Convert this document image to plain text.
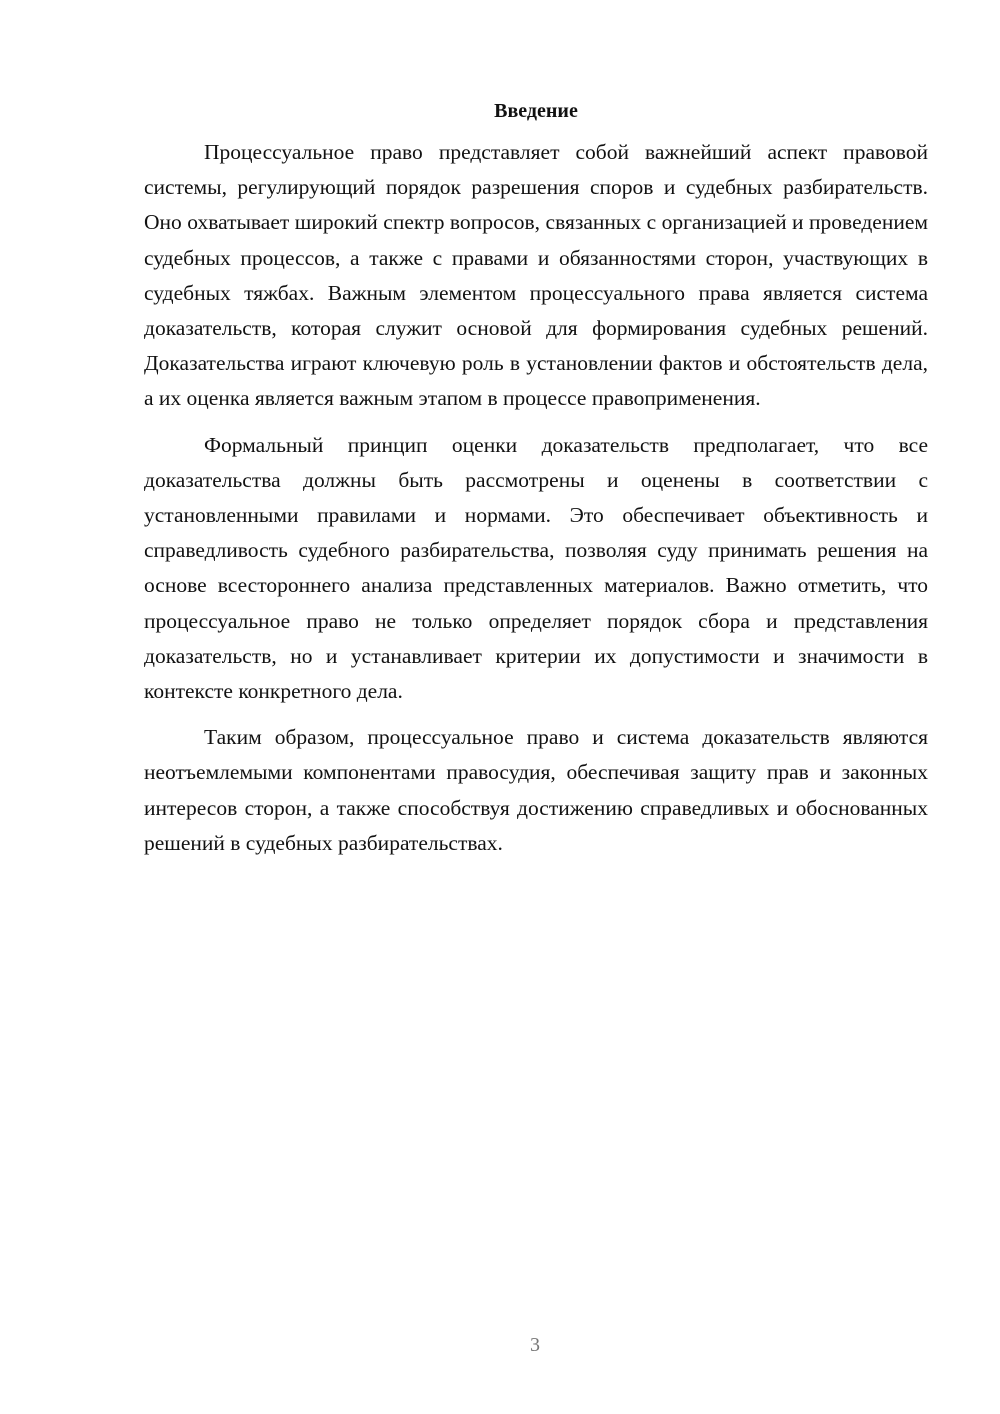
Введение

Процессуальное право представляет собой важнейший аспект правовой системы, регулирующий порядок разрешения споров и судебных разбирательств. Оно охватывает широкий спектр вопросов, связанных с организацией и проведением судебных процессов, а также с правами и обязанностями сторон, участвующих в судебных тяжбах. Важным элементом процессуального права является система доказательств, которая служит основой для формирования судебных решений. Доказательства играют ключевую роль в установлении фактов и обстоятельств дела, а их оценка является важным этапом в процессе правоприменения.

Формальный принцип оценки доказательств предполагает, что все доказательства должны быть рассмотрены и оценены в соответствии с установленными правилами и нормами. Это обеспечивает объективность и справедливость судебного разбирательства, позволяя суду принимать решения на основе всестороннего анализа представленных материалов. Важно отметить, что процессуальное право не только определяет порядок сбора и представления доказательств, но и устанавливает критерии их допустимости и значимости в контексте конкретного дела.

Таким образом, процессуальное право и система доказательств являются неотъемлемыми компонентами правосудия, обеспечивая защиту прав и законных интересов сторон, а также способствуя достижению справедливых и обоснованных решений в судебных разбирательствах.

3
